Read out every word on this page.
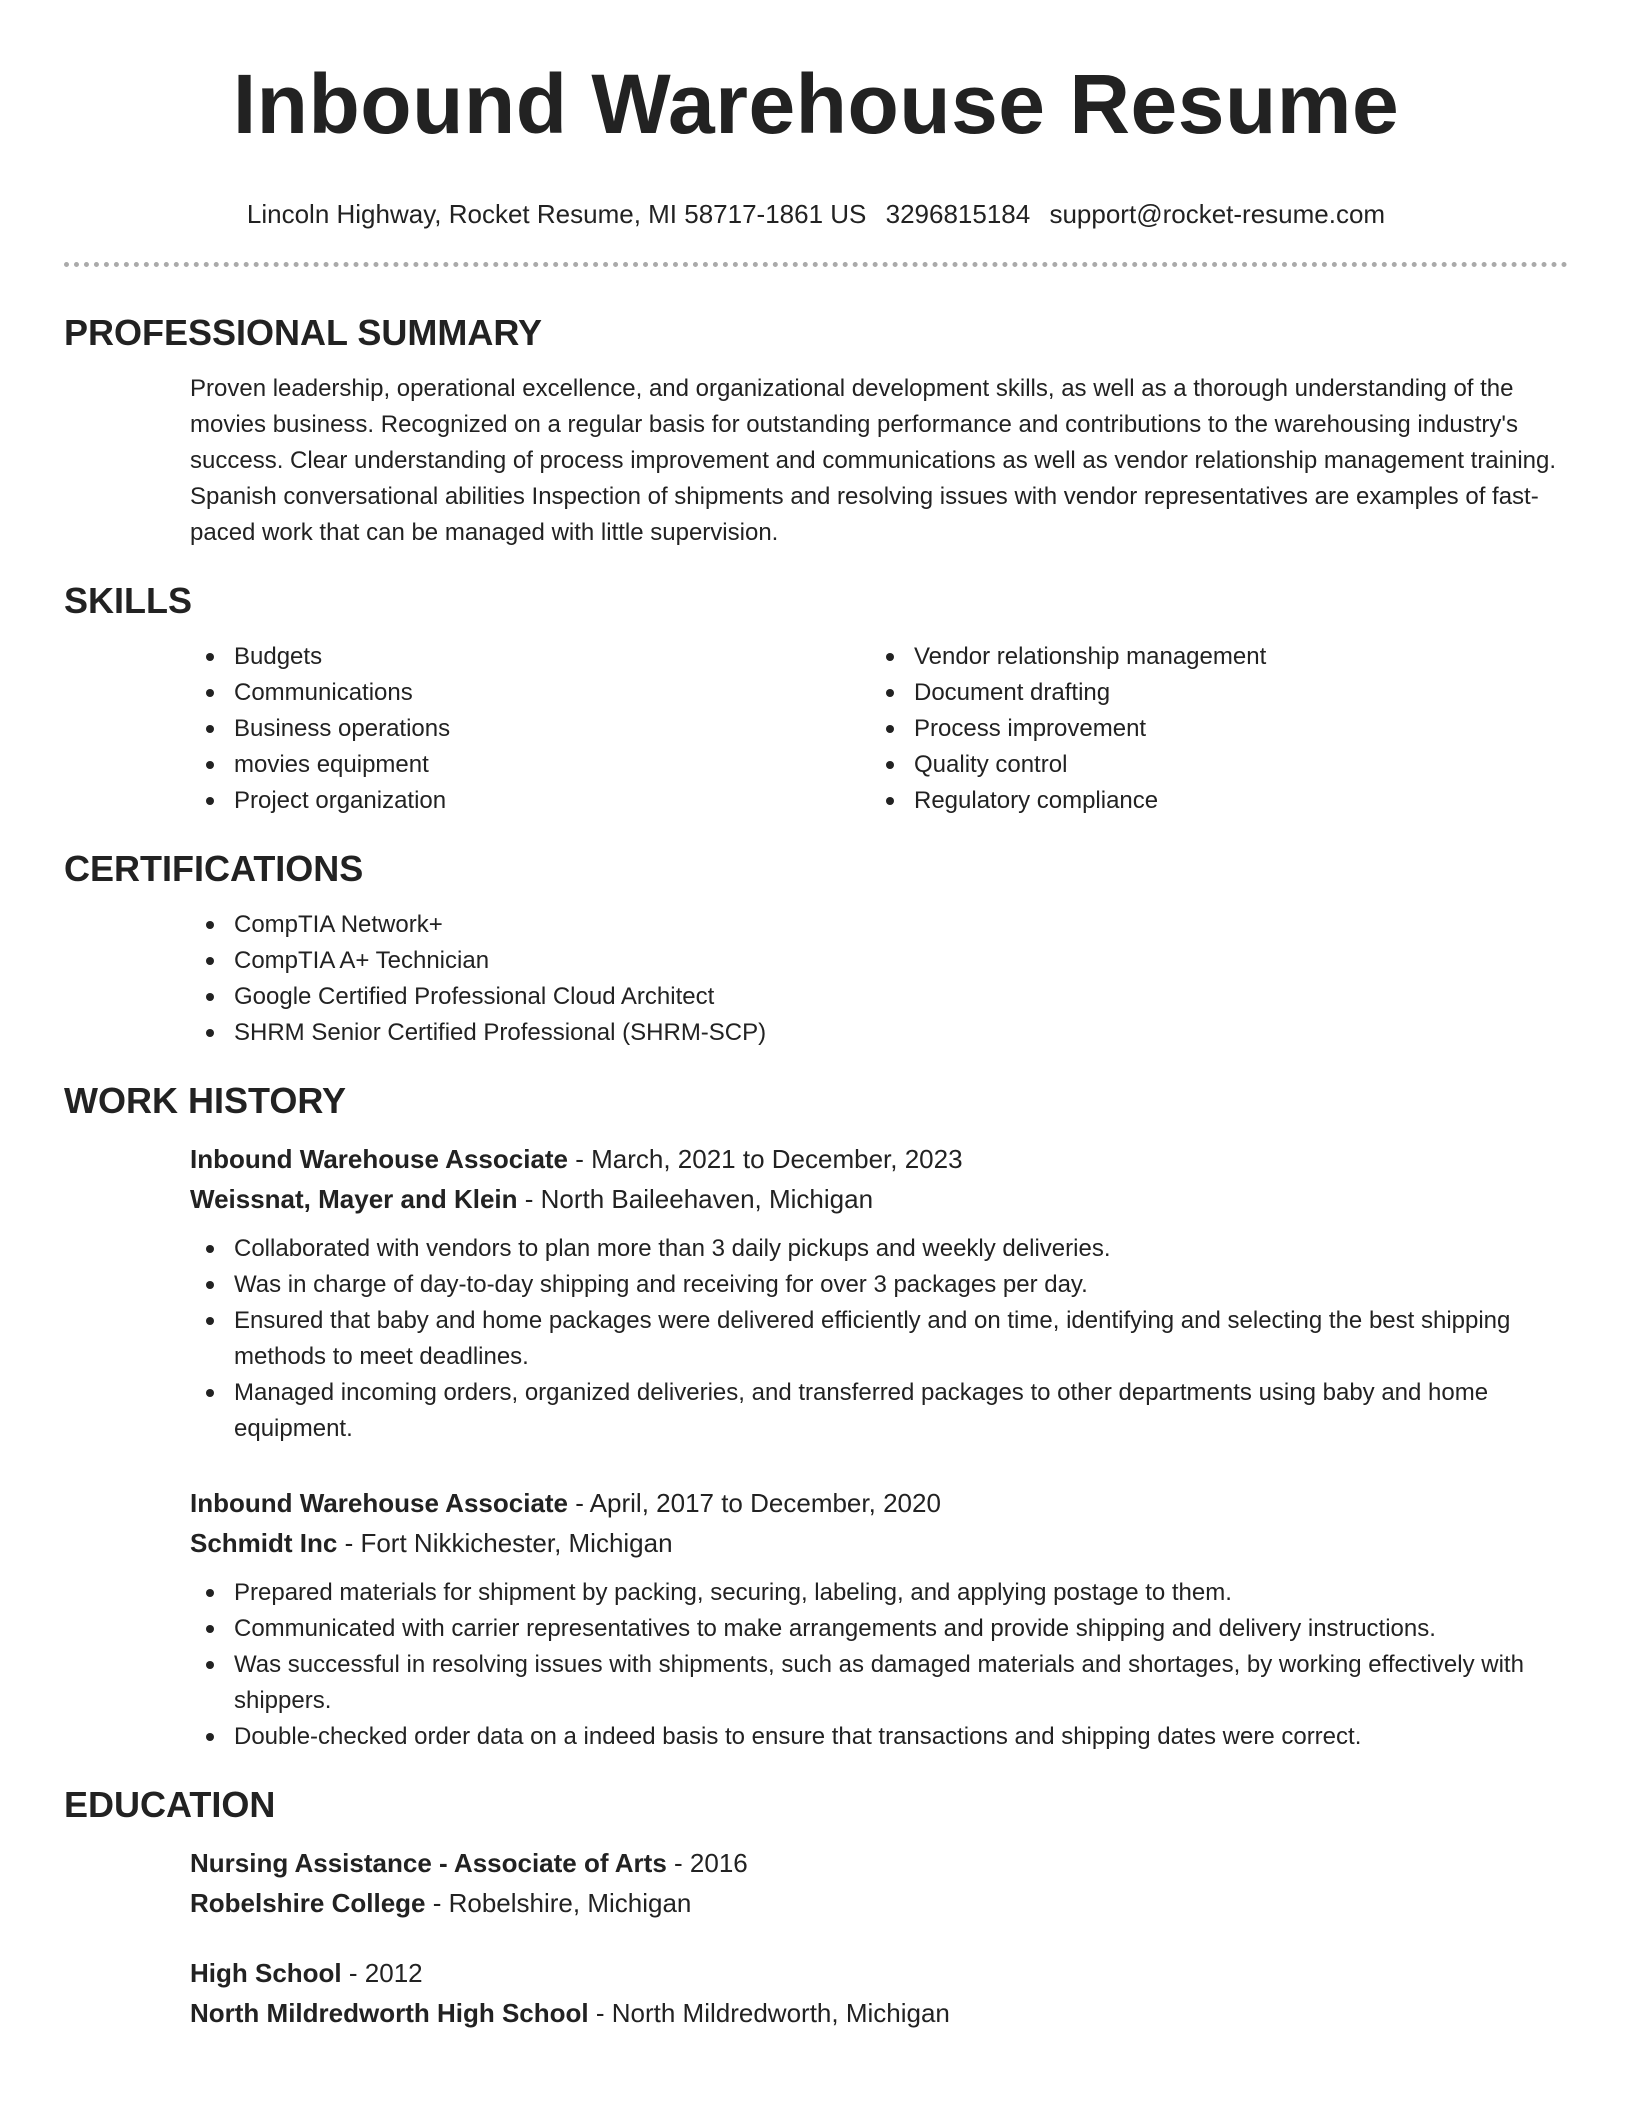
Inbound Warehouse Resume
Lincoln Highway, Rocket Resume, MI 58717-1861 US 3296815184 support@rocket-resume.com
PROFESSIONAL SUMMARY
Proven leadership, operational excellence, and organizational development skills, as well as a thorough understanding of the movies business. Recognized on a regular basis for outstanding performance and contributions to the warehousing industry's success. Clear understanding of process improvement and communications as well as vendor relationship management training. Spanish conversational abilities Inspection of shipments and resolving issues with vendor representatives are examples of fast-paced work that can be managed with little supervision.
SKILLS
Budgets
Communications
Business operations
movies equipment
Project organization
Vendor relationship management
Document drafting
Process improvement
Quality control
Regulatory compliance
CERTIFICATIONS
CompTIA Network+
CompTIA A+ Technician
Google Certified Professional Cloud Architect
SHRM Senior Certified Professional (SHRM-SCP)
WORK HISTORY
Inbound Warehouse Associate - March, 2021 to December, 2023
Weissnat, Mayer and Klein - North Baileehaven, Michigan
Collaborated with vendors to plan more than 3 daily pickups and weekly deliveries.
Was in charge of day-to-day shipping and receiving for over 3 packages per day.
Ensured that baby and home packages were delivered efficiently and on time, identifying and selecting the best shipping methods to meet deadlines.
Managed incoming orders, organized deliveries, and transferred packages to other departments using baby and home equipment.
Inbound Warehouse Associate - April, 2017 to December, 2020
Schmidt Inc - Fort Nikkichester, Michigan
Prepared materials for shipment by packing, securing, labeling, and applying postage to them.
Communicated with carrier representatives to make arrangements and provide shipping and delivery instructions.
Was successful in resolving issues with shipments, such as damaged materials and shortages, by working effectively with shippers.
Double-checked order data on a indeed basis to ensure that transactions and shipping dates were correct.
EDUCATION
Nursing Assistance - Associate of Arts - 2016
Robelshire College - Robelshire, Michigan
High School - 2012
North Mildredworth High School - North Mildredworth, Michigan
